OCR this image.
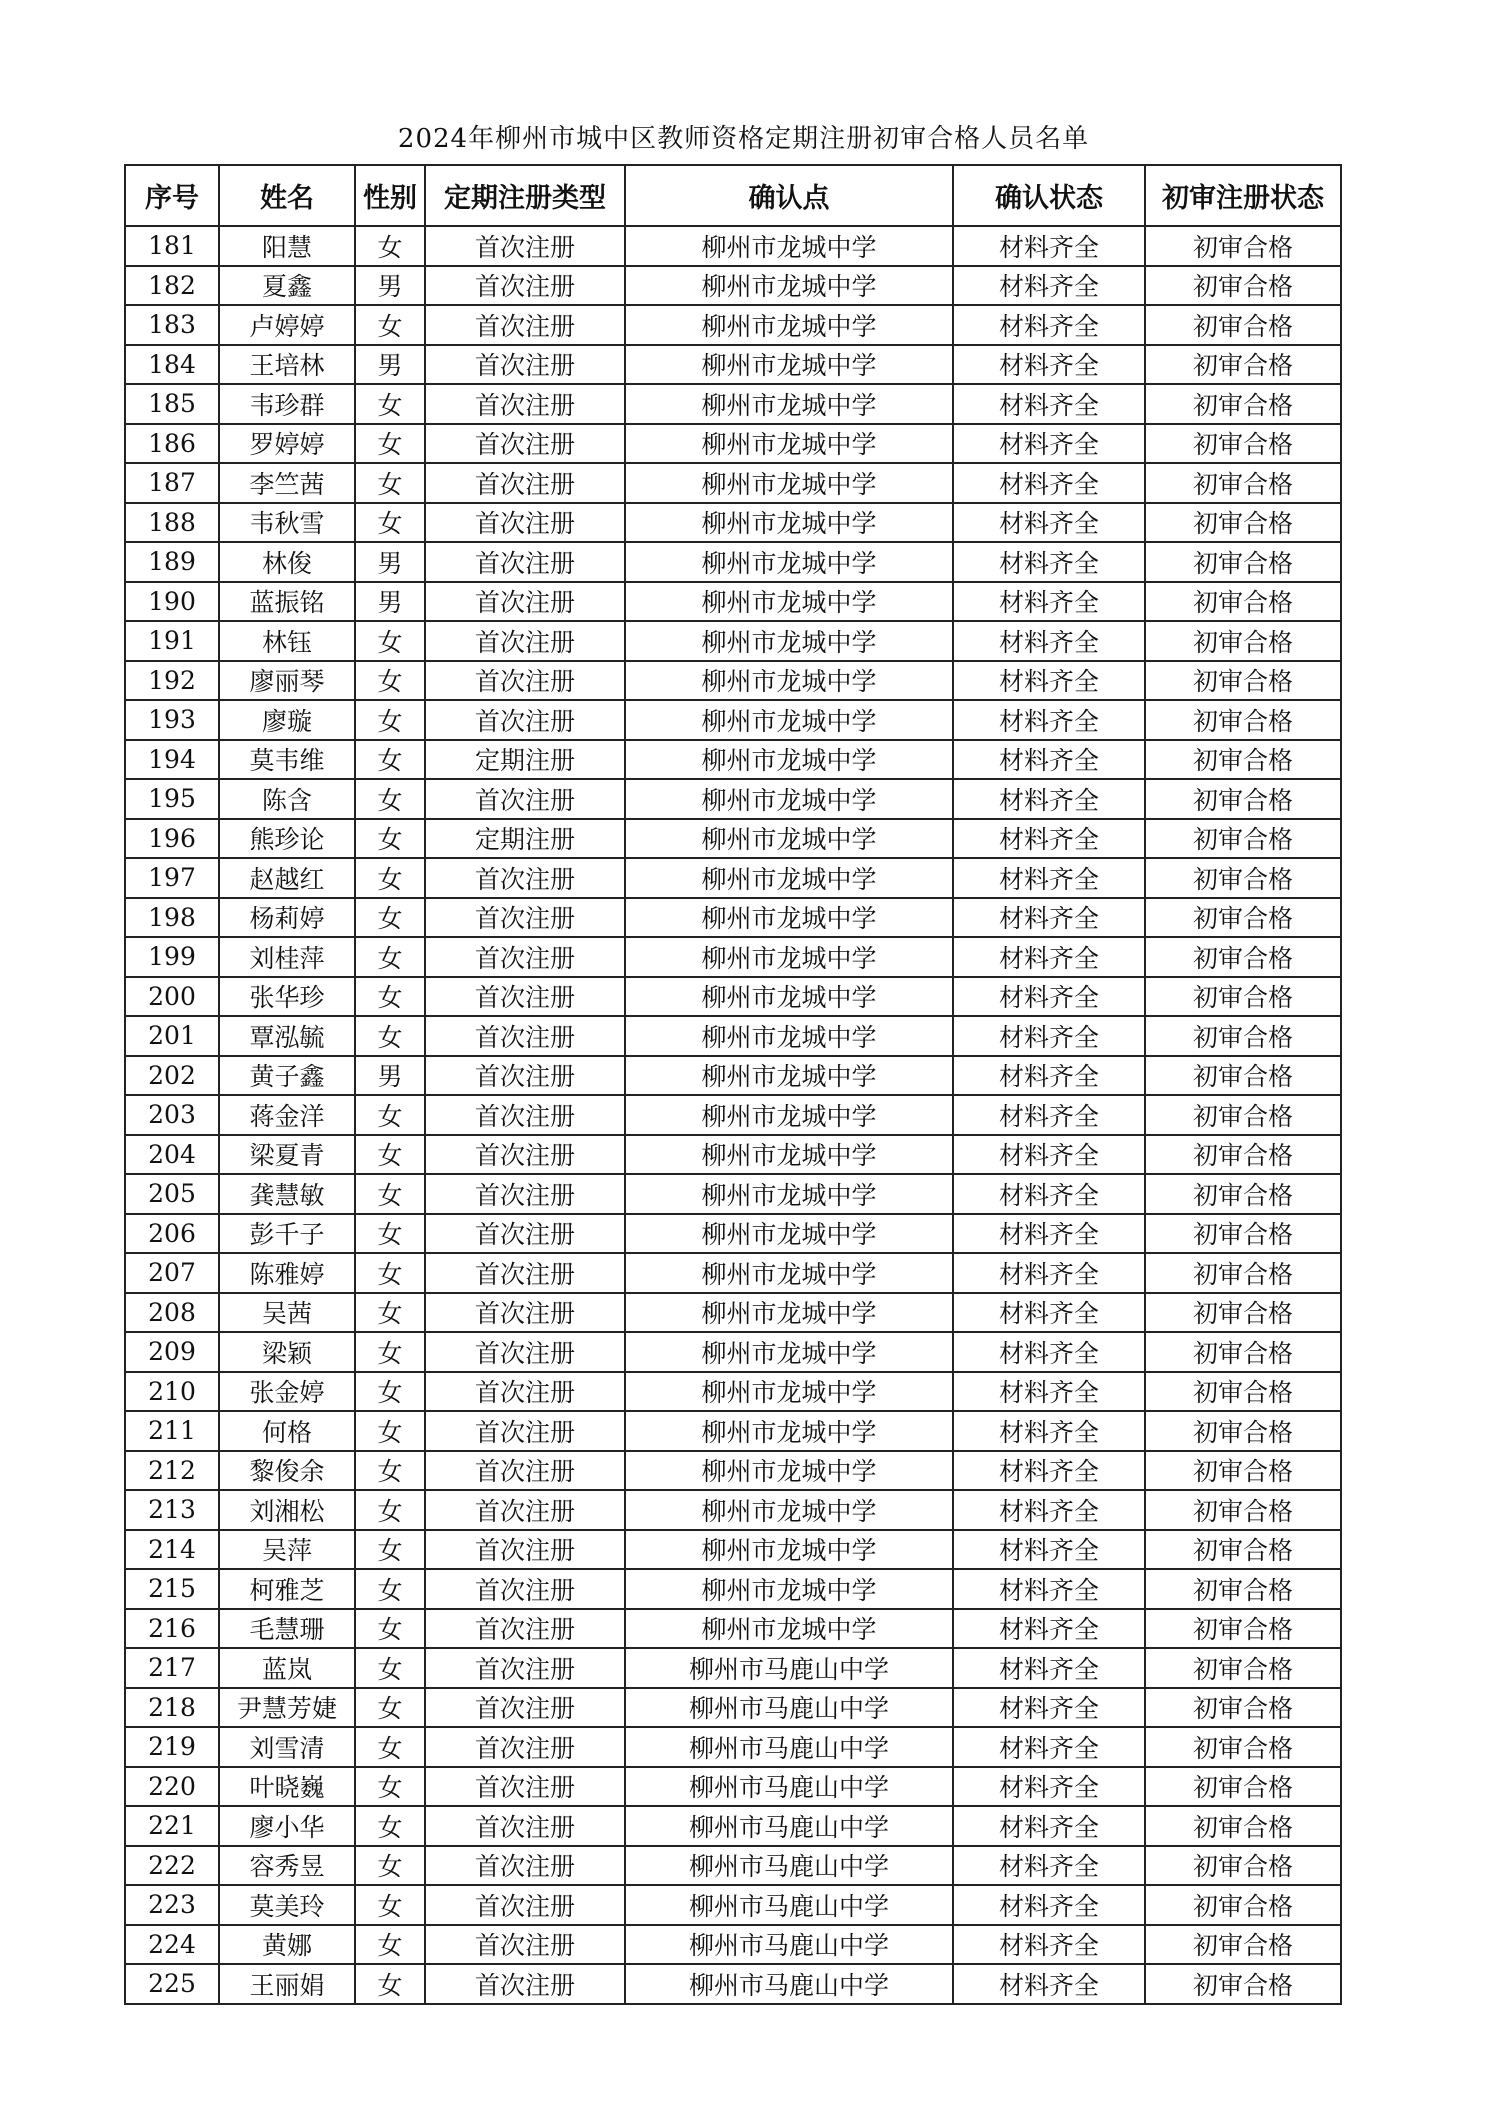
2024年柳州市城中区教师资格定期注册初审合格人员名单
序号	姓名	性别	定期注册类型	确认点	确认状态	初审注册状态
181	阳慧	女	首次注册	柳州市龙城中学	材料齐全	初审合格
182	夏鑫	男	首次注册	柳州市龙城中学	材料齐全	初审合格
183	卢婷婷	女	首次注册	柳州市龙城中学	材料齐全	初审合格
184	王培林	男	首次注册	柳州市龙城中学	材料齐全	初审合格
185	韦珍群	女	首次注册	柳州市龙城中学	材料齐全	初审合格
186	罗婷婷	女	首次注册	柳州市龙城中学	材料齐全	初审合格
187	李竺茜	女	首次注册	柳州市龙城中学	材料齐全	初审合格
188	韦秋雪	女	首次注册	柳州市龙城中学	材料齐全	初审合格
189	林俊	男	首次注册	柳州市龙城中学	材料齐全	初审合格
190	蓝振铭	男	首次注册	柳州市龙城中学	材料齐全	初审合格
191	林钰	女	首次注册	柳州市龙城中学	材料齐全	初审合格
192	廖丽琴	女	首次注册	柳州市龙城中学	材料齐全	初审合格
193	廖璇	女	首次注册	柳州市龙城中学	材料齐全	初审合格
194	莫韦维	女	定期注册	柳州市龙城中学	材料齐全	初审合格
195	陈含	女	首次注册	柳州市龙城中学	材料齐全	初审合格
196	熊珍论	女	定期注册	柳州市龙城中学	材料齐全	初审合格
197	赵越红	女	首次注册	柳州市龙城中学	材料齐全	初审合格
198	杨莉婷	女	首次注册	柳州市龙城中学	材料齐全	初审合格
199	刘桂萍	女	首次注册	柳州市龙城中学	材料齐全	初审合格
200	张华珍	女	首次注册	柳州市龙城中学	材料齐全	初审合格
201	覃泓毓	女	首次注册	柳州市龙城中学	材料齐全	初审合格
202	黄子鑫	男	首次注册	柳州市龙城中学	材料齐全	初审合格
203	蒋金洋	女	首次注册	柳州市龙城中学	材料齐全	初审合格
204	梁夏青	女	首次注册	柳州市龙城中学	材料齐全	初审合格
205	龚慧敏	女	首次注册	柳州市龙城中学	材料齐全	初审合格
206	彭千子	女	首次注册	柳州市龙城中学	材料齐全	初审合格
207	陈雅婷	女	首次注册	柳州市龙城中学	材料齐全	初审合格
208	吴茜	女	首次注册	柳州市龙城中学	材料齐全	初审合格
209	梁颖	女	首次注册	柳州市龙城中学	材料齐全	初审合格
210	张金婷	女	首次注册	柳州市龙城中学	材料齐全	初审合格
211	何格	女	首次注册	柳州市龙城中学	材料齐全	初审合格
212	黎俊余	女	首次注册	柳州市龙城中学	材料齐全	初审合格
213	刘湘松	女	首次注册	柳州市龙城中学	材料齐全	初审合格
214	吴萍	女	首次注册	柳州市龙城中学	材料齐全	初审合格
215	柯雅芝	女	首次注册	柳州市龙城中学	材料齐全	初审合格
216	毛慧珊	女	首次注册	柳州市龙城中学	材料齐全	初审合格
217	蓝岚	女	首次注册	柳州市马鹿山中学	材料齐全	初审合格
218	尹慧芳婕	女	首次注册	柳州市马鹿山中学	材料齐全	初审合格
219	刘雪清	女	首次注册	柳州市马鹿山中学	材料齐全	初审合格
220	叶晓巍	女	首次注册	柳州市马鹿山中学	材料齐全	初审合格
221	廖小华	女	首次注册	柳州市马鹿山中学	材料齐全	初审合格
222	容秀昱	女	首次注册	柳州市马鹿山中学	材料齐全	初审合格
223	莫美玲	女	首次注册	柳州市马鹿山中学	材料齐全	初审合格
224	黄娜	女	首次注册	柳州市马鹿山中学	材料齐全	初审合格
225	王丽娟	女	首次注册	柳州市马鹿山中学	材料齐全	初审合格
